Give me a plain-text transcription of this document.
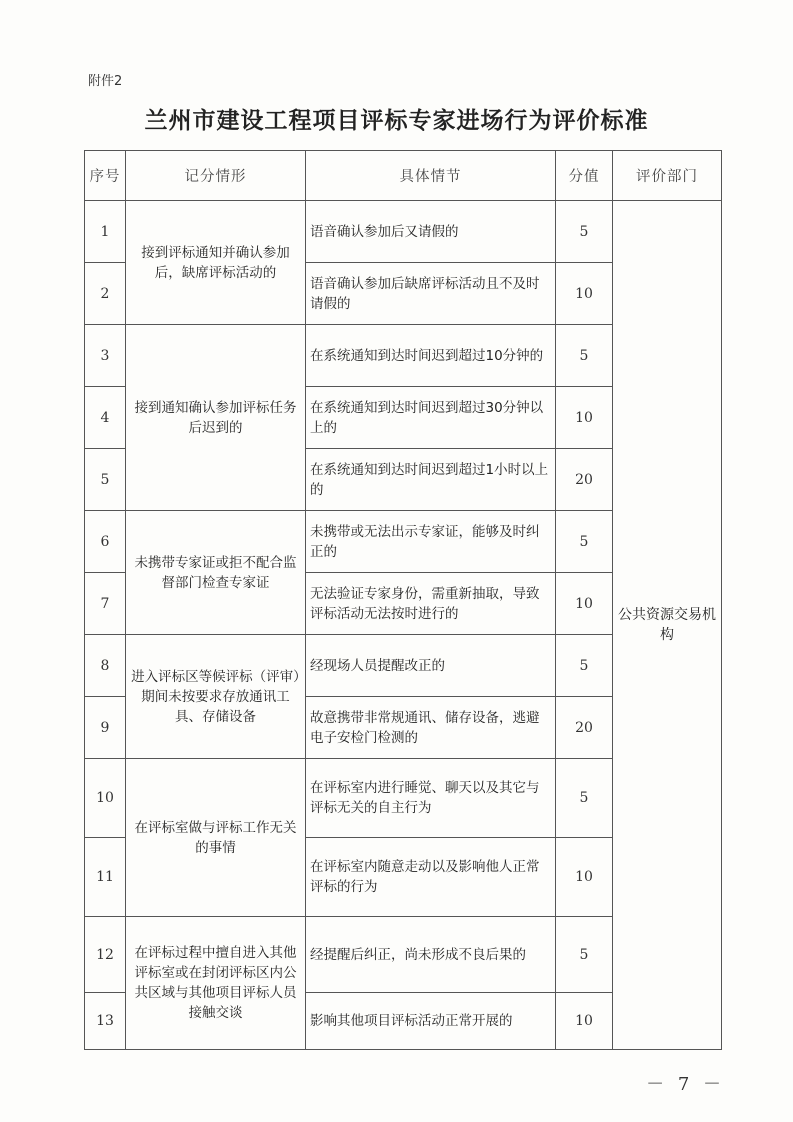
附件2
兰州市建设工程项目评标专家进场行为评价标准
序号	记分情形	具体情节	分值	评价部门
1	接到评标通知并确认参加后，缺席评标活动的	语音确认参加后又请假的	5	公共资源交易机构
2		语音确认参加后缺席评标活动且不及时请假的	10	
3	接到通知确认参加评标任务后迟到的	在系统通知到达时间迟到超过10分钟的	5	
4		在系统通知到达时间迟到超过30分钟以上的	10	
5		在系统通知到达时间迟到超过1小时以上的	20	
6	未携带专家证或拒不配合监督部门检查专家证	未携带或无法出示专家证，能够及时纠正的	5	
7		无法验证专家身份，需重新抽取，导致评标活动无法按时进行的	10	
8	进入评标区等候评标（评审）期间未按要求存放通讯工具、存储设备	经现场人员提醒改正的	5	
9		故意携带非常规通讯、储存设备，逃避电子安检门检测的	20	
10	在评标室做与评标工作无关的事情	在评标室内进行睡觉、聊天以及其它与评标无关的自主行为	5	
11		在评标室内随意走动以及影响他人正常评标的行为	10	
12	在评标过程中擅自进入其他评标室或在封闭评标区内公共区域与其他项目评标人员接触交谈	经提醒后纠正，尚未形成不良后果的	5	
13		影响其他项目评标活动正常开展的	10	
－ 7 －
